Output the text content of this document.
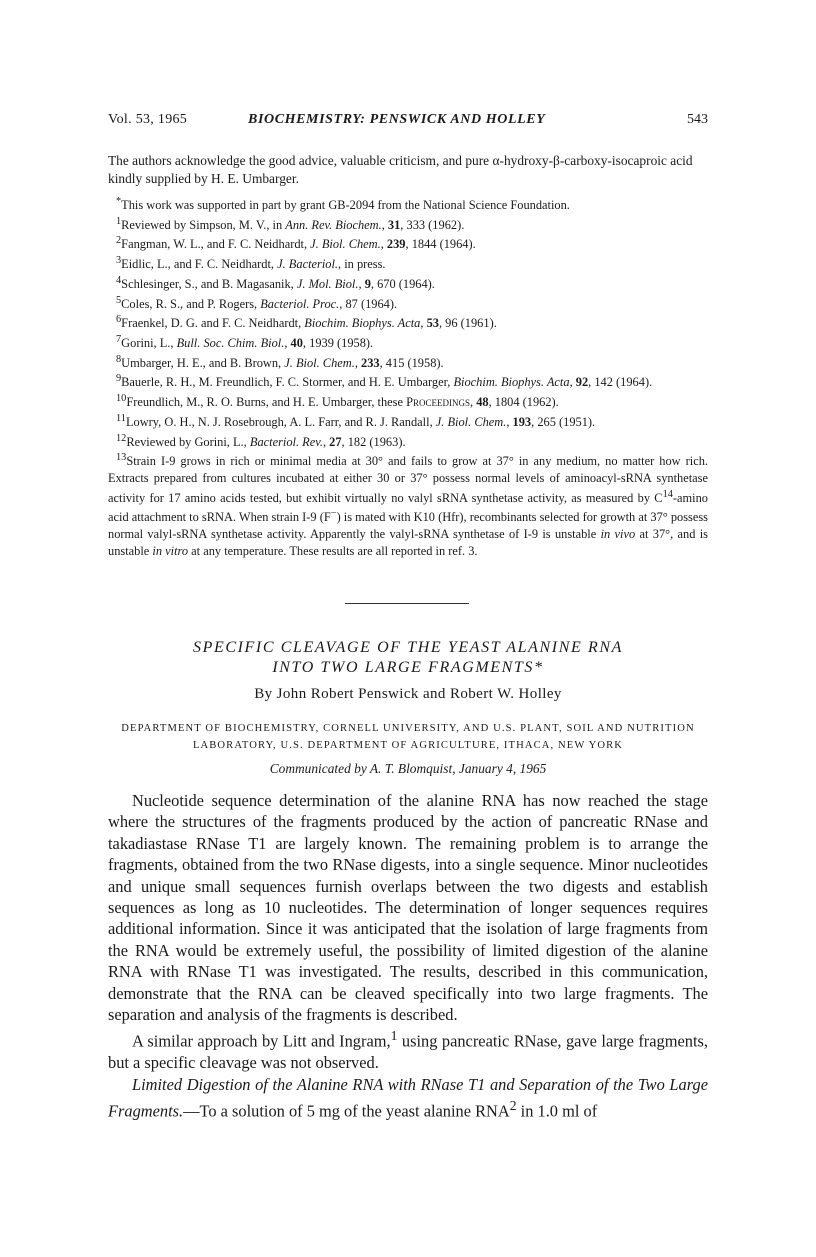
Vol. 53, 1965	BIOCHEMISTRY: PENSWICK AND HOLLEY	543
The authors acknowledge the good advice, valuable criticism, and pure α-hydroxy-β-carboxy-isocaproic acid kindly supplied by H. E. Umbarger.

*This work was supported in part by grant GB-2094 from the National Science Foundation.

$^1$Reviewed by Simpson, M. V., in Ann. Rev. Biochem., 31, 333 (1962).

$^2$Fangman, W. L., and F. C. Neidhardt, J. Biol. Chem., 239, 1844 (1964).

$^3$Eidlic, L., and F. C. Neidhardt, J. Bacteriol., in press.

$^4$Schlesinger, S., and B. Magasanik, J. Mol. Biol., 9, 670 (1964).

$^5$Coles, R. S., and P. Rogers, Bacteriol. Proc., 87 (1964).

$^6$Fraenkel, D. G. and F. C. Neidhardt, Biochim. Biophys. Acta, 53, 96 (1961).

$^7$Gorini, L., Bull. Soc. Chim. Biol., 40, 1939 (1958).

$^8$Umbarger, H. E., and B. Brown, J. Biol. Chem., 233, 415 (1958).

$^9$Bauerle, R. H., M. Freundlich, F. C. Stormer, and H. E. Umbarger, Biochim. Biophys. Acta, 92, 142 (1964).

$^{10}$Freundlich, M., R. O. Burns, and H. E. Umbarger, these Proceedings, 48, 1804 (1962).

$^{11}$Lowry, O. H., N. J. Rosebrough, A. L. Farr, and R. J. Randall, J. Biol. Chem., 193, 265 (1951).

$^{12}$Reviewed by Gorini, L., Bacteriol. Rev., 27, 182 (1963).

$^{13}$Strain I-9 grows in rich or minimal media at 30° and fails to grow at 37° in any medium, no matter how rich. Extracts prepared from cultures incubated at either 30 or 37° possess normal levels of aminoacyl-sRNA synthetase activity for 17 amino acids tested, but exhibit virtually no valyl sRNA synthetase activity, as measured by $C^{14}$-amino acid attachment to sRNA. When strain I-9 (F−) is mated with K10 (Hfr), recombinants selected for growth at 37° possess normal valyl-sRNA synthetase activity. Apparently the valyl-sRNA synthetase of I-9 is unstable in vivo at 37°, and is unstable in vitro at any temperature. These results are all reported in ref. 3.

SPECIFIC CLEAVAGE OF THE YEAST ALANINE RNA
INTO TWO LARGE FRAGMENTS*
By John Robert Penswick and Robert W. Holley
DEPARTMENT OF BIOCHEMISTRY, CORNELL UNIVERSITY, AND U.S. PLANT, SOIL AND NUTRITION
LABORATORY, U.S. DEPARTMENT OF AGRICULTURE, ITHACA, NEW YORK
Communicated by A. T. Blomquist, January 4, 1965

Nucleotide sequence determination of the alanine RNA has now reached the stage where the structures of the fragments produced by the action of pancreatic RNase and takadiastase RNase T1 are largely known. The remaining problem is to arrange the fragments, obtained from the two RNase digests, into a single sequence. Minor nucleotides and unique small sequences furnish overlaps between the two digests and establish sequences as long as 10 nucleotides. The determination of longer sequences requires additional information. Since it was anticipated that the isolation of large fragments from the RNA would be extremely useful, the possibility of limited digestion of the alanine RNA with RNase T1 was investigated. The results, described in this communication, demonstrate that the RNA can be cleaved specifically into two large fragments. The separation and analysis of the fragments is described.

A similar approach by Litt and Ingram,$^1$ using pancreatic RNase, gave large fragments, but a specific cleavage was not observed.

Limited Digestion of the Alanine RNA with RNase T1 and Separation of the Two Large Fragments.—To a solution of 5 mg of the yeast alanine RNA$^2$ in 1.0 ml of
